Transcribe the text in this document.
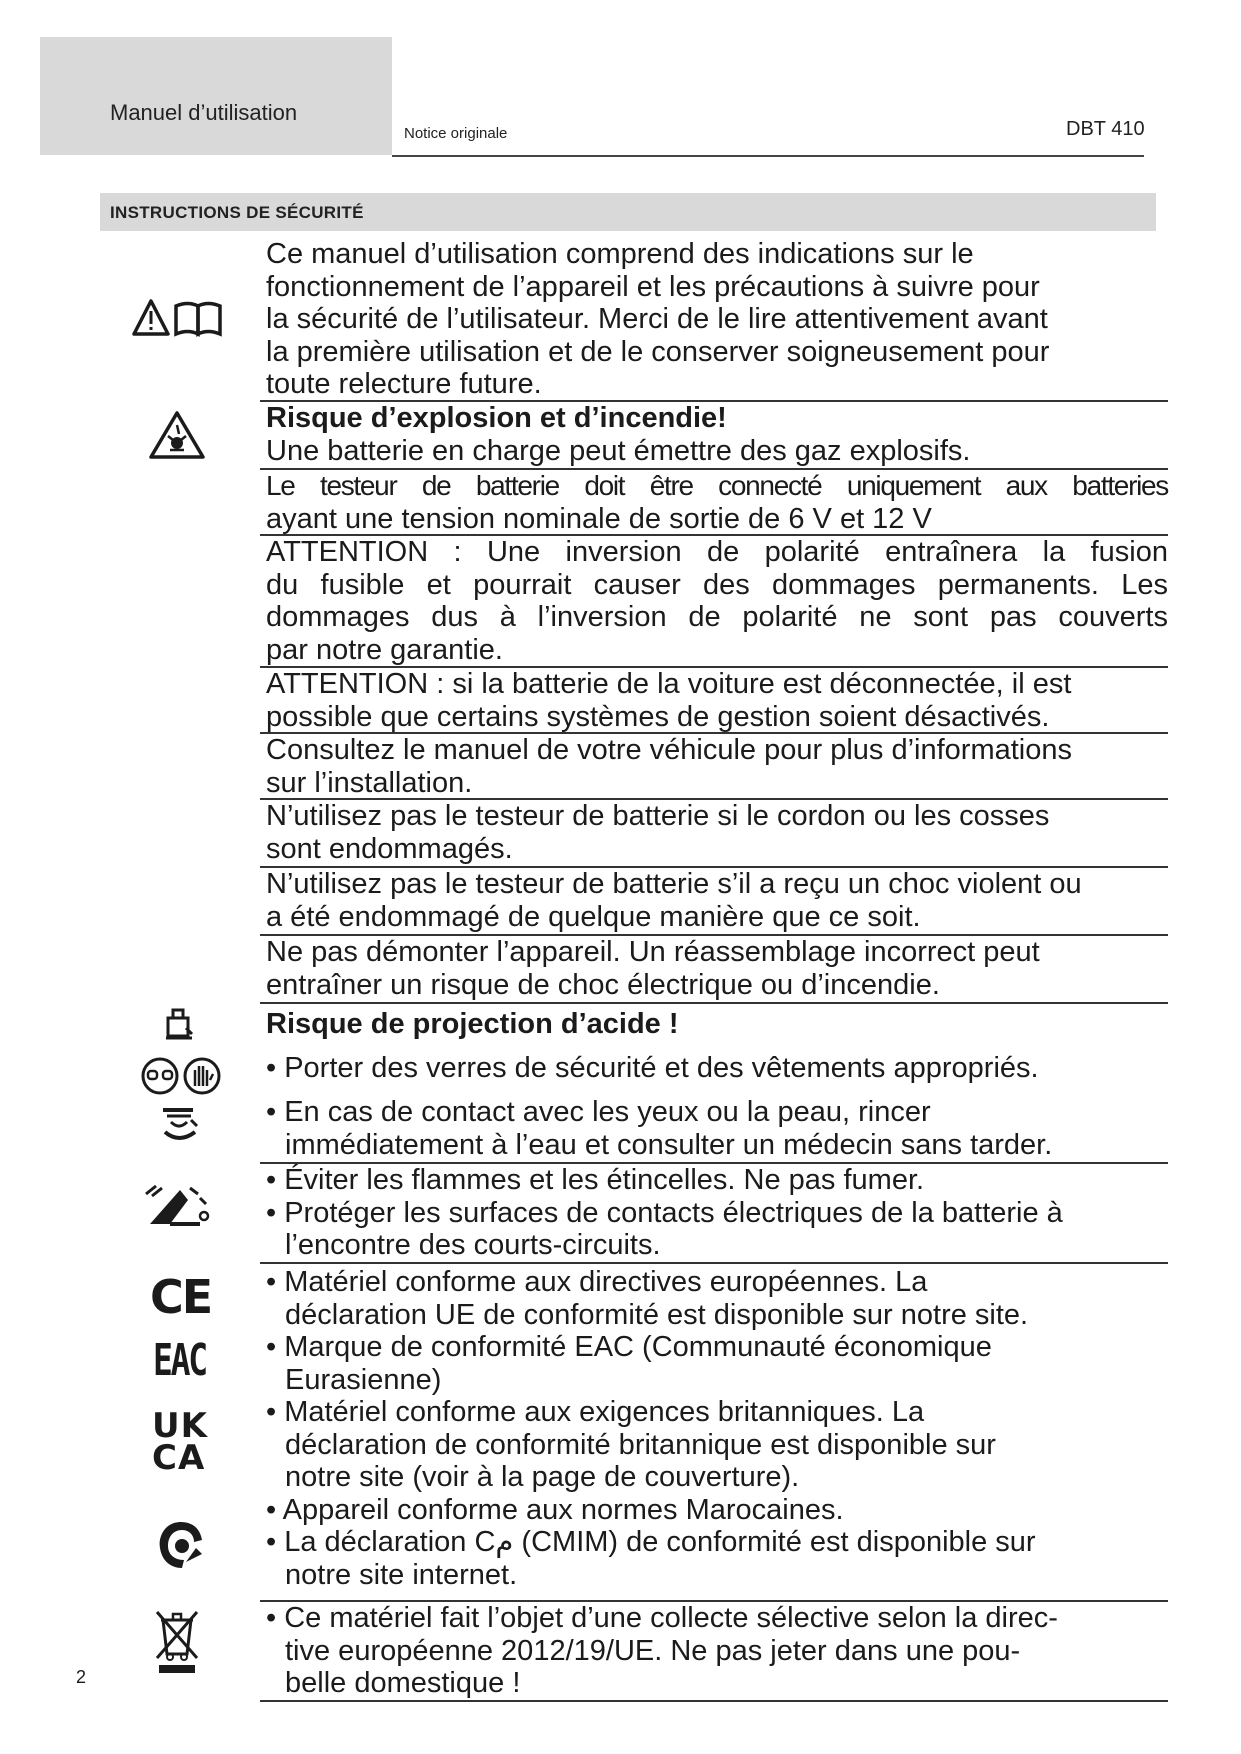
Manuel d’utilisation
Notice originale	DBT 410
INSTRUCTIONS DE SÉCURITÉ
CE
EAC
UK
CA
Ce manuel d’utilisation comprend des indications sur le
fonctionnement de l’appareil et les précautions à suivre pour
la sécurité de l’utilisateur. Merci de le lire attentivement avant
la première utilisation et de le conserver soigneusement pour
toute relecture future.
Risque d’explosion et d’incendie!
Une batterie en charge peut émettre des gaz explosifs.
Le testeur de batterie doit être connecté uniquement aux batteries
ayant une tension nominale de sortie de 6 V et 12 V
ATTENTION : Une inversion de polarité entraînera la fusion
du fusible et pourrait causer des dommages permanents. Les
dommages dus à l’inversion de polarité ne sont pas couverts
par notre garantie.
ATTENTION : si la batterie de la voiture est déconnectée, il est
possible que certains systèmes de gestion soient désactivés.
Consultez le manuel de votre véhicule pour plus d’informations
sur l’installation.
N’utilisez pas le testeur de batterie si le cordon ou les cosses
sont endommagés.
N’utilisez pas le testeur de batterie s’il a reçu un choc violent ou
a été endommagé de quelque manière que ce soit.
Ne pas démonter l’appareil. Un réassemblage incorrect peut
entraîner un risque de choc électrique ou d’incendie.
Risque de projection d’acide !
• Porter des verres de sécurité et des vêtements appropriés.
• En cas de contact avec les yeux ou la peau, rincer
immédiatement à l’eau et consulter un médecin sans tarder.
• Éviter les flammes et les étincelles. Ne pas fumer.
• Protéger les surfaces de contacts électriques de la batterie à
l’encontre des courts-circuits.
• Matériel conforme aux directives européennes. La
déclaration UE de conformité est disponible sur notre site.
• Marque de conformité EAC (Communauté économique
Eurasienne)
• Matériel conforme aux exigences britanniques. La
déclaration de conformité britannique est disponible sur
notre site (voir à la page de couverture).
• Appareil conforme aux normes Marocaines.
• La déclaration Cم (CMIM) de conformité est disponible sur
notre site internet.
• Ce matériel fait l’objet d’une collecte sélective selon la direc-
tive européenne 2012/19/UE. Ne pas jeter dans une pou-
belle domestique !
2
